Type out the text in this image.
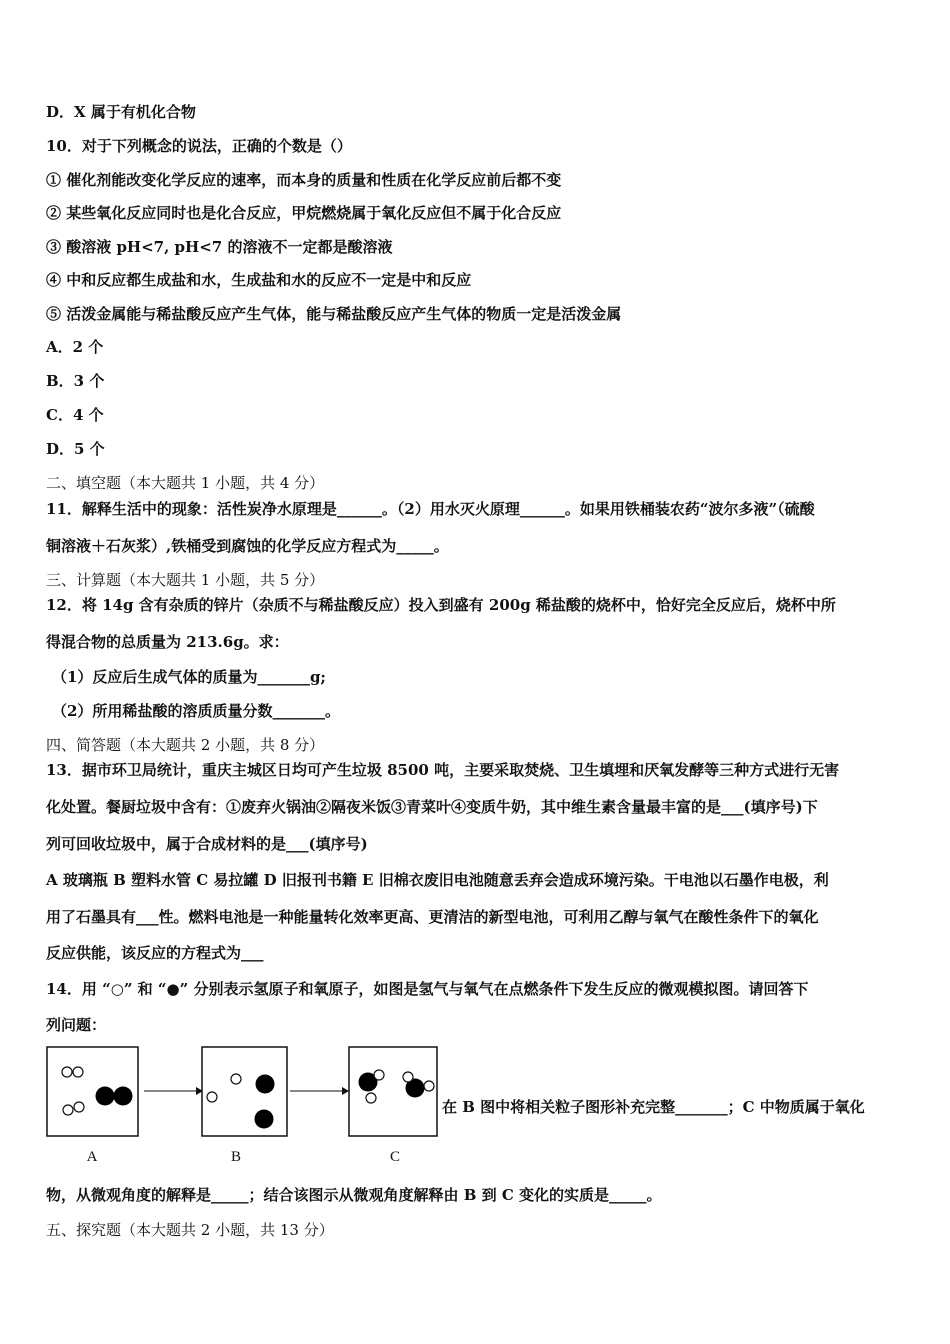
D．X 属于有机化合物
10．对于下列概念的说法，正确的个数是（）
① 催化剂能改变化学反应的速率，而本身的质量和性质在化学反应前后都不变
② 某些氧化反应同时也是化合反应，甲烷燃烧属于氧化反应但不属于化合反应
③ 酸溶液 pH<7, pH<7 的溶液不一定都是酸溶液
④ 中和反应都生成盐和水，生成盐和水的反应不一定是中和反应
⑤ 活泼金属能与稀盐酸反应产生气体，能与稀盐酸反应产生气体的物质一定是活泼金属
A．2 个
B．3 个
C．4 个
D．5 个
二、填空题（本大题共 1 小题，共 4 分）
11．解释生活中的现象：活性炭净水原理是______。（2）用水灭火原理______。如果用铁桶装农药“波尔多液”（硫酸
铜溶液＋石灰浆）,铁桶受到腐蚀的化学反应方程式为_____。
三、计算题（本大题共 1 小题，共 5 分）
12．将 14g 含有杂质的锌片（杂质不与稀盐酸反应）投入到盛有 200g 稀盐酸的烧杯中，恰好完全反应后，烧杯中所
得混合物的总质量为 213.6g。求：
（1）反应后生成气体的质量为_______g;
（2）所用稀盐酸的溶质质量分数_______。
四、简答题（本大题共 2 小题，共 8 分）
13．据市环卫局统计，重庆主城区日均可产生垃圾 8500 吨，主要采取焚烧、卫生填埋和厌氧发酵等三种方式进行无害
化处置。餐厨垃圾中含有：①废弃火锅油②隔夜米饭③青菜叶④变质牛奶，其中维生素含量最丰富的是___(填序号)下
列可回收垃圾中，属于合成材料的是___(填序号)
A 玻璃瓶 B 塑料水管 C 易拉罐 D 旧报刊书籍 E 旧棉衣废旧电池随意丢弃会造成环境污染。干电池以石墨作电极，利
用了石墨具有___性。燃料电池是一种能量转化效率更高、更清洁的新型电池，可利用乙醇与氧气在酸性条件下的氧化
反应供能，该反应的方程式为___
14．用 “○” 和 “●” 分别表示氢原子和氧原子，如图是氢气与氧气在点燃条件下发生反应的微观模拟图。请回答下
列问题：
A	B	C
在 B 图中将相关粒子图形补充完整_______；C 中物质属于氧化
物，从微观角度的解释是_____；结合该图示从微观角度解释由 B 到 C 变化的实质是_____。
五、探究题（本大题共 2 小题，共 13 分）
